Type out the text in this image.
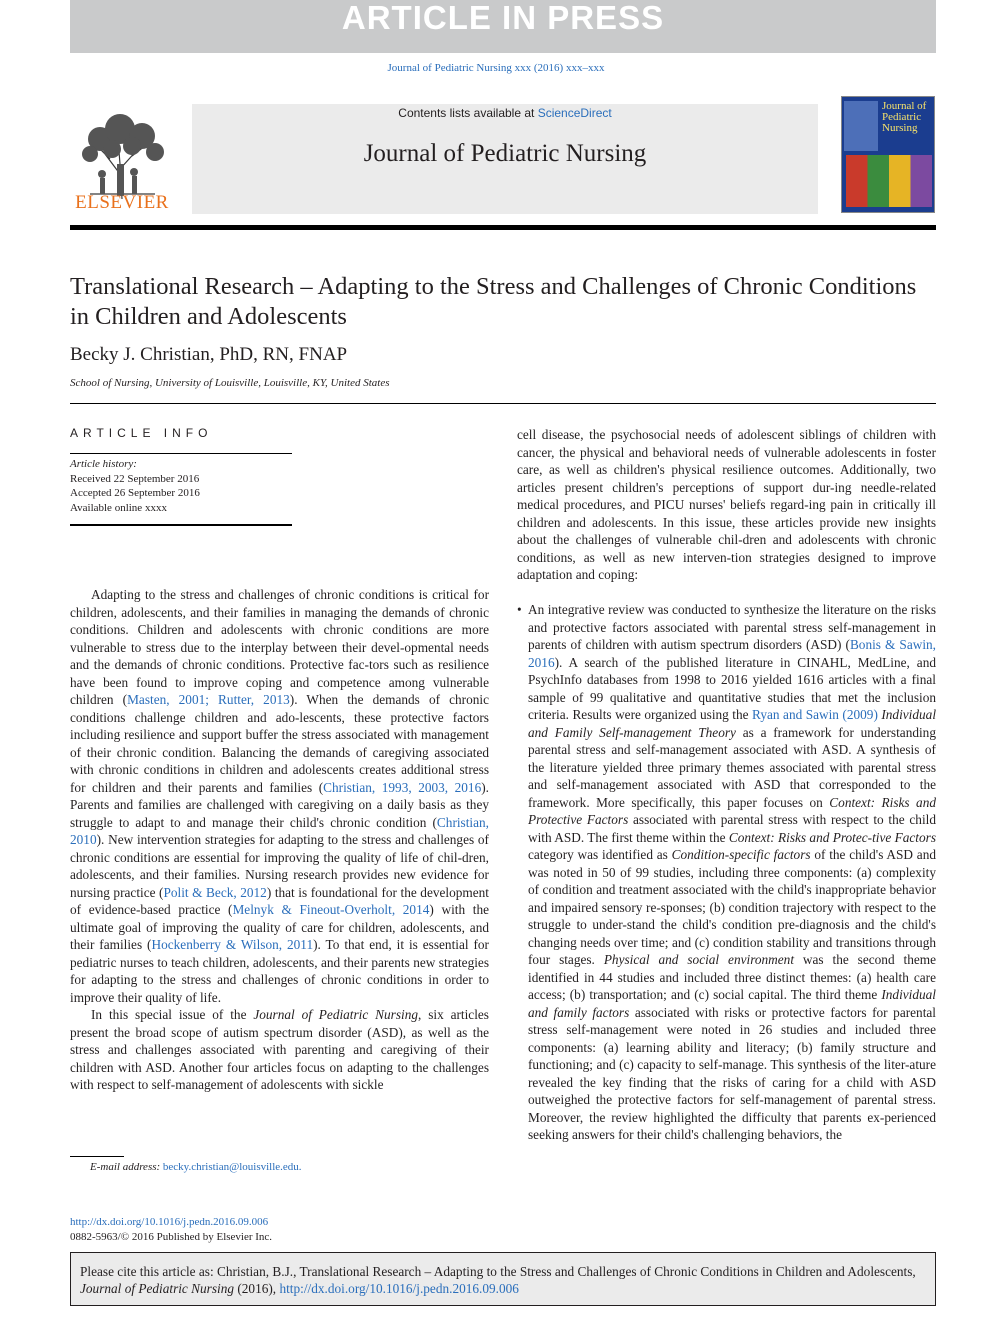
ARTICLE IN PRESS
Journal of Pediatric Nursing xxx (2016) xxx–xxx
ELSEVIER
Contents lists available at ScienceDirect
Journal of Pediatric Nursing
Journal of Pediatric Nursing
Translational Research – Adapting to the Stress and Challenges of Chronic Conditions in Children and Adolescents
Becky J. Christian, PhD, RN, FNAP
School of Nursing, University of Louisville, Louisville, KY, United States
ARTICLE INFO
Article history:
Received 22 September 2016
Accepted 26 September 2016
Available online xxxx

Adapting to the stress and challenges of chronic conditions is critical for children, adolescents, and their families in managing the demands of chronic conditions. Children and adolescents with chronic conditions are more vulnerable to stress due to the interplay between their devel-opmental needs and the demands of chronic conditions. Protective fac-tors such as resilience have been found to improve coping and competence among vulnerable children (Masten, 2001; Rutter, 2013). When the demands of chronic conditions challenge children and ado-lescents, these protective factors including resilience and support buffer the stress associated with management of their chronic condition. Balancing the demands of caregiving associated with chronic conditions in children and adolescents creates additional stress for children and their parents and families (Christian, 1993, 2003, 2016). Parents and families are challenged with caregiving on a daily basis as they struggle to adapt to and manage their child's chronic condition (Christian, 2010). New intervention strategies for adapting to the stress and challenges of chronic conditions are essential for improving the quality of life of chil-dren, adolescents, and their families. Nursing research provides new evidence for nursing practice (Polit & Beck, 2012) that is foundational for the development of evidence-based practice (Melnyk & Fineout-Overholt, 2014) with the ultimate goal of improving the quality of care for children, adolescents, and their families (Hockenberry & Wilson, 2011). To that end, it is essential for pediatric nurses to teach children, adolescents, and their parents new strategies for adapting to the stress and challenges of chronic conditions in order to improve their quality of life.

In this special issue of the Journal of Pediatric Nursing, six articles present the broad scope of autism spectrum disorder (ASD), as well as the stress and challenges associated with parenting and caregiving of their children with ASD. Another four articles focus on adapting to the challenges with respect to self-management of adolescents with sickle

cell disease, the psychosocial needs of adolescent siblings of children with cancer, the physical and behavioral needs of vulnerable adolescents in foster care, as well as children's physical resilience outcomes. Additionally, two articles present children's perceptions of support dur-ing needle-related medical procedures, and PICU nurses' beliefs regard-ing pain in critically ill children and adolescents. In this issue, these articles provide new insights about the challenges of vulnerable chil-dren and adolescents with chronic conditions, as well as new interven-tion strategies designed to improve adaptation and coping:

• An integrative review was conducted to synthesize the literature on the risks and protective factors associated with parental stress self-management in parents of children with autism spectrum disorders (ASD) (Bonis & Sawin, 2016). A search of the published literature in CINAHL, MedLine, and PsychInfo databases from 1998 to 2016 yielded 1616 articles with a final sample of 99 qualitative and quantitative studies that met the inclusion criteria. Results were organized using the Ryan and Sawin (2009) Individual and Family Self-management Theory as a framework for understanding parental stress and self-management associated with ASD. A synthesis of the literature yielded three primary themes associated with parental stress and self-management associated with ASD that corresponded to the framework. More specifically, this paper focuses on Context: Risks and Protective Factors associated with parental stress with respect to the child with ASD. The first theme within the Context: Risks and Protec-tive Factors category was identified as Condition-specific factors of the child's ASD and was noted in 50 of 99 studies, including three components: (a) complexity of condition and treatment associated with the child's inappropriate behavior and impaired sensory re-sponses; (b) condition trajectory with respect to the struggle to under-stand the child's condition pre-diagnosis and the child's changing needs over time; and (c) condition stability and transitions through four stages. Physical and social environment was the second theme identified in 44 studies and included three distinct themes: (a) health care access; (b) transportation; and (c) social capital. The third theme Individual and family factors associated with risks or protective factors for parental stress self-management were noted in 26 studies and included three components: (a) learning ability and literacy; (b) family structure and functioning; and (c) capacity to self-manage. This synthesis of the liter-ature revealed the key finding that the risks of caring for a child with ASD outweighed the protective factors for self-management of parental stress. Moreover, the review highlighted the difficulty that parents ex-perienced seeking answers for their child's challenging behaviors, the
E-mail address: becky.christian@louisville.edu.
http://dx.doi.org/10.1016/j.pedn.2016.09.006
0882-5963/© 2016 Published by Elsevier Inc.
Please cite this article as: Christian, B.J., Translational Research – Adapting to the Stress and Challenges of Chronic Conditions in Children and Adolescents, Journal of Pediatric Nursing (2016), http://dx.doi.org/10.1016/j.pedn.2016.09.006
